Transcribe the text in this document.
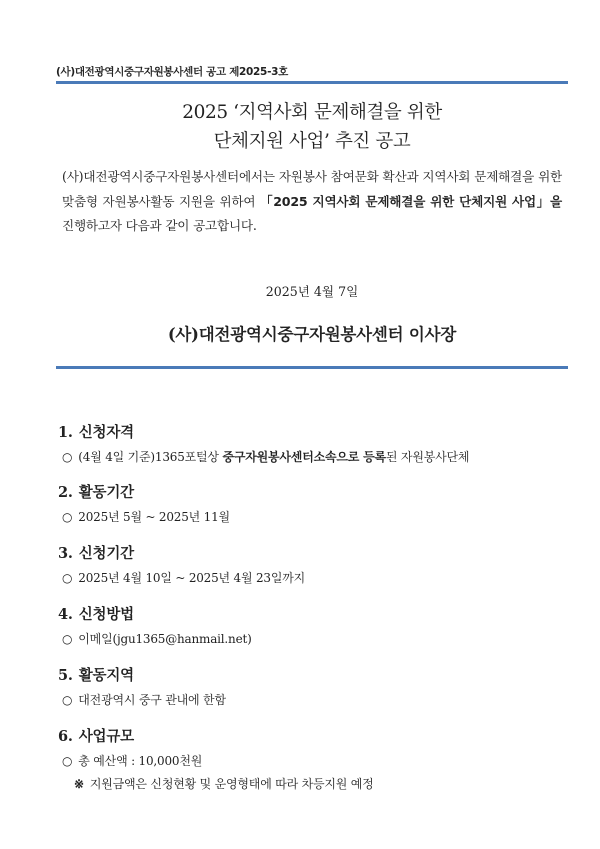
(사)대전광역시중구자원봉사센터 공고 제2025-3호
2025 ‘지역사회 문제해결을 위한
단체지원 사업’ 추진 공고
(사)대전광역시중구자원봉사센터에서는 자원봉사 참여문화 확산과 지역사회 문제해결을 위한 맞춤형 자원봉사활동 지원을 위하여 「2025 지역사회 문제해결을 위한 단체지원 사업」을 진행하고자 다음과 같이 공고합니다.
2025년 4월 7일
(사)대전광역시중구자원봉사센터 이사장
1. 신청자격
○ (4월 4일 기준)1365포털상 중구자원봉사센터소속으로 등록된 자원봉사단체
2. 활동기간
○ 2025년 5월 ~ 2025년 11월
3. 신청기간
○ 2025년 4월 10일 ~ 2025년 4월 23일까지
4. 신청방법
○ 이메일(jgu1365@hanmail.net)
5. 활동지역
○ 대전광역시 중구 관내에 한함
6. 사업규모
○ 총 예산액 : 10,000천원
※ 지원금액은 신청현황 및 운영형태에 따라 차등지원 예정
